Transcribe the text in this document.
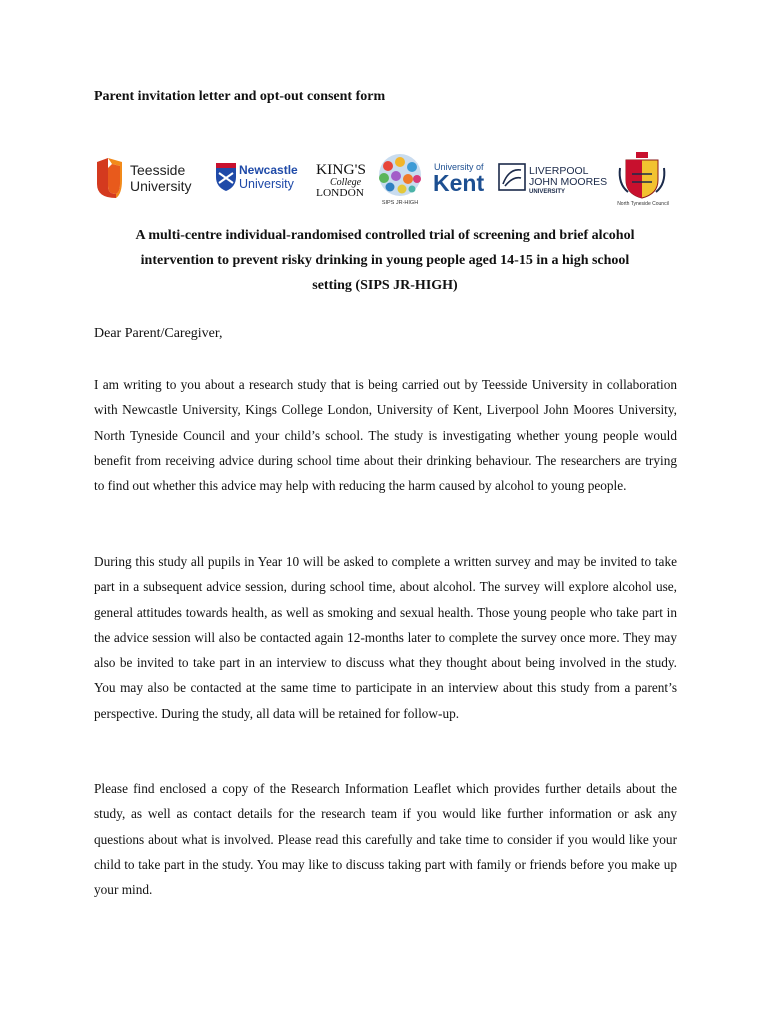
Parent invitation letter and opt-out consent form
Teesside
University
Newcastle
University
KING'S
College
LONDON
SIPS JR-HIGH
University of
Kent	LIVERPOOL
JOHN MOORES
UNIVERSITY
North Tyneside Council
A multi-centre individual-randomised controlled trial of screening and brief alcohol
intervention to prevent risky drinking in young people aged 14-15 in a high school
setting (SIPS JR-HIGH)

Dear Parent/Caregiver,

I am writing to you about a research study that is being carried out by Teesside University in collaboration with Newcastle University, Kings College London, University of Kent, Liverpool John Moores University, North Tyneside Council and your child’s school. The study is investigating whether young people would benefit from receiving advice during school time about their drinking behaviour. The researchers are trying to find out whether this advice may help with reducing the harm caused by alcohol to young people.

During this study all pupils in Year 10 will be asked to complete a written survey and may be invited to take part in a subsequent advice session, during school time, about alcohol. The survey will explore alcohol use, general attitudes towards health, as well as smoking and sexual health. Those young people who take part in the advice session will also be contacted again 12-months later to complete the survey once more. They may also be invited to take part in an interview to discuss what they thought about being involved in the study. You may also be contacted at the same time to participate in an interview about this study from a parent’s perspective. During the study, all data will be retained for follow-up.

Please find enclosed a copy of the Research Information Leaflet which provides further details about the study, as well as contact details for the research team if you would like further information or ask any questions about what is involved. Please read this carefully and take time to consider if you would like your child to take part in the study. You may like to discuss taking part with family or friends before you make up your mind.
